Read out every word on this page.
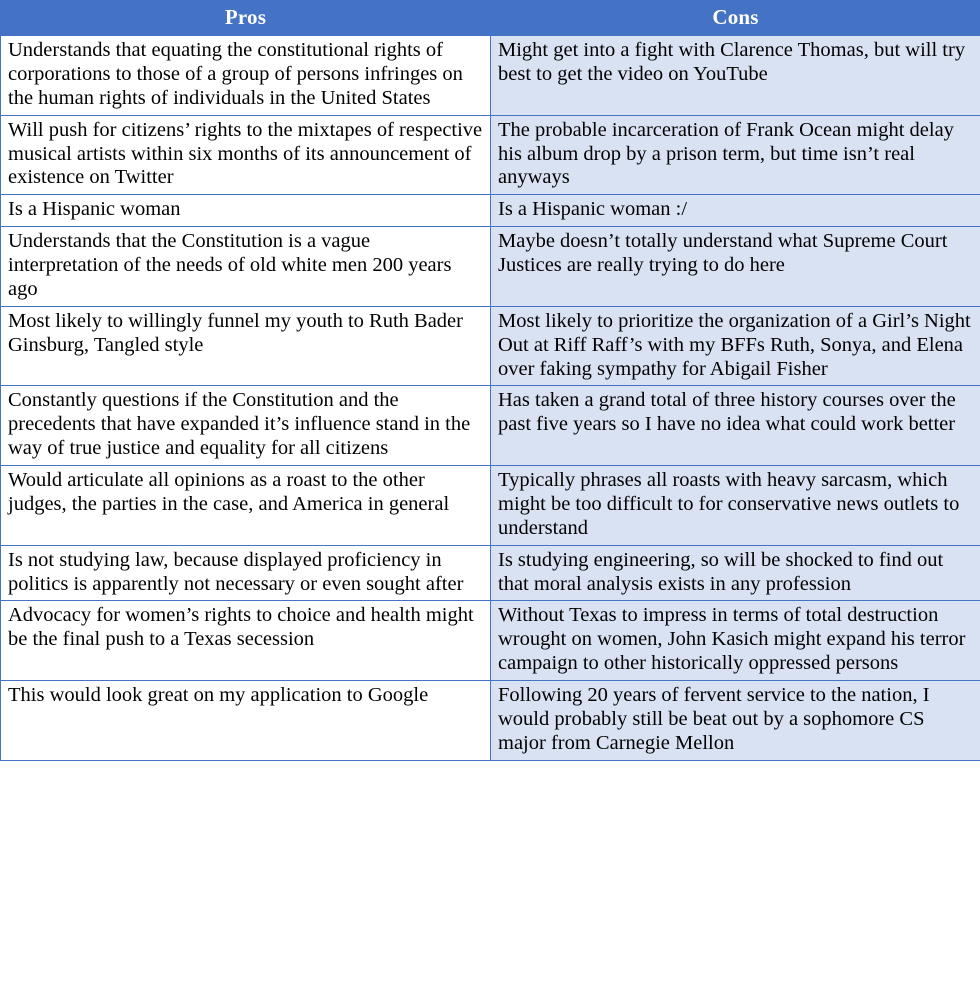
Pros	Cons
Understands that equating the constitutional rights of corporations to those of a group of persons infringes on the human rights of individuals in the United States	Might get into a fight with Clarence Thomas, but will try best to get the video on YouTube
Will push for citizens’ rights to the mixtapes of respective musical artists within six months of its announcement of existence on Twitter	The probable incarceration of Frank Ocean might delay his album drop by a prison term, but time isn’t real anyways
Is a Hispanic woman	Is a Hispanic woman :/
Understands that the Constitution is a vague interpretation of the needs of old white men 200 years ago	Maybe doesn’t totally understand what Supreme Court Justices are really trying to do here
Most likely to willingly funnel my youth to Ruth Bader Ginsburg, Tangled style	Most likely to prioritize the organization of a Girl’s Night Out at Riff Raff’s with my BFFs Ruth, Sonya, and Elena over faking sympathy for Abigail Fisher
Constantly questions if the Constitution and the precedents that have expanded it’s influence stand in the way of true justice and equality for all citizens	Has taken a grand total of three history courses over the past five years so I have no idea what could work better
Would articulate all opinions as a roast to the other judges, the parties in the case, and America in general	Typically phrases all roasts with heavy sarcasm, which might be too difficult to for conservative news outlets to understand
Is not studying law, because displayed proficiency in politics is apparently not necessary or even sought after	Is studying engineering, so will be shocked to find out that moral analysis exists in any profession
Advocacy for women’s rights to choice and health might be the final push to a Texas secession	Without Texas to impress in terms of total destruction wrought on women, John Kasich might expand his terror campaign to other historically oppressed persons
This would look great on my application to Google	Following 20 years of fervent service to the nation, I would probably still be beat out by a sophomore CS major from Carnegie Mellon
